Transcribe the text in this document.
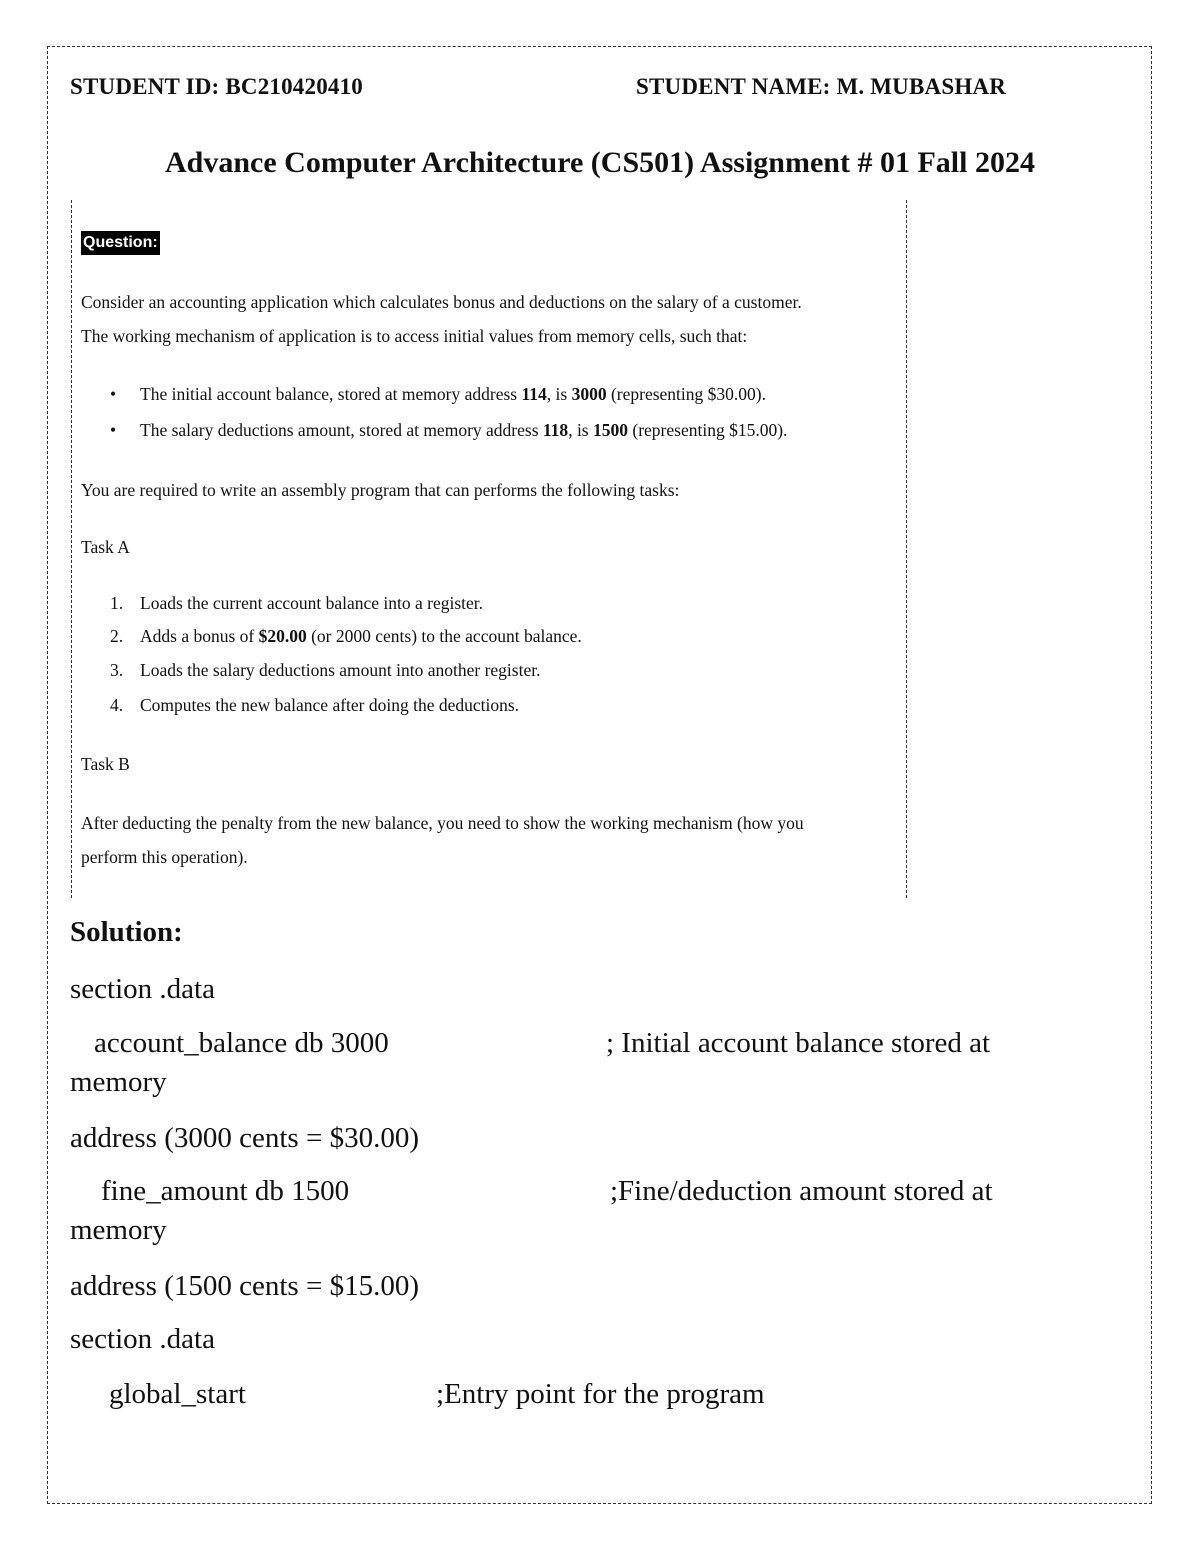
STUDENT ID: BC210420410	STUDENT NAME: M. MUBASHAR
Advance Computer Architecture (CS501) Assignment # 01 Fall 2024
Question:
Consider an accounting application which calculates bonus and deductions on the salary of a customer.
The working mechanism of application is to access initial values from memory cells, such that:
• The initial account balance, stored at memory address 114, is 3000 (representing $30.00).
• The salary deductions amount, stored at memory address 118, is 1500 (representing $15.00).
You are required to write an assembly program that can performs the following tasks:
Task A
1. Loads the current account balance into a register.
2. Adds a bonus of $20.00 (or 2000 cents) to the account balance.
3. Loads the salary deductions amount into another register.
4. Computes the new balance after doing the deductions.
Task B
After deducting the penalty from the new balance, you need to show the working mechanism (how you
perform this operation).
Solution:
section .data
account_balance db 3000	; Initial account balance stored at
memory
address (3000 cents = $30.00)
fine_amount db 1500	;Fine/deduction amount stored at
memory
address (1500 cents = $15.00)
section .data
global_start	;Entry point for the program
